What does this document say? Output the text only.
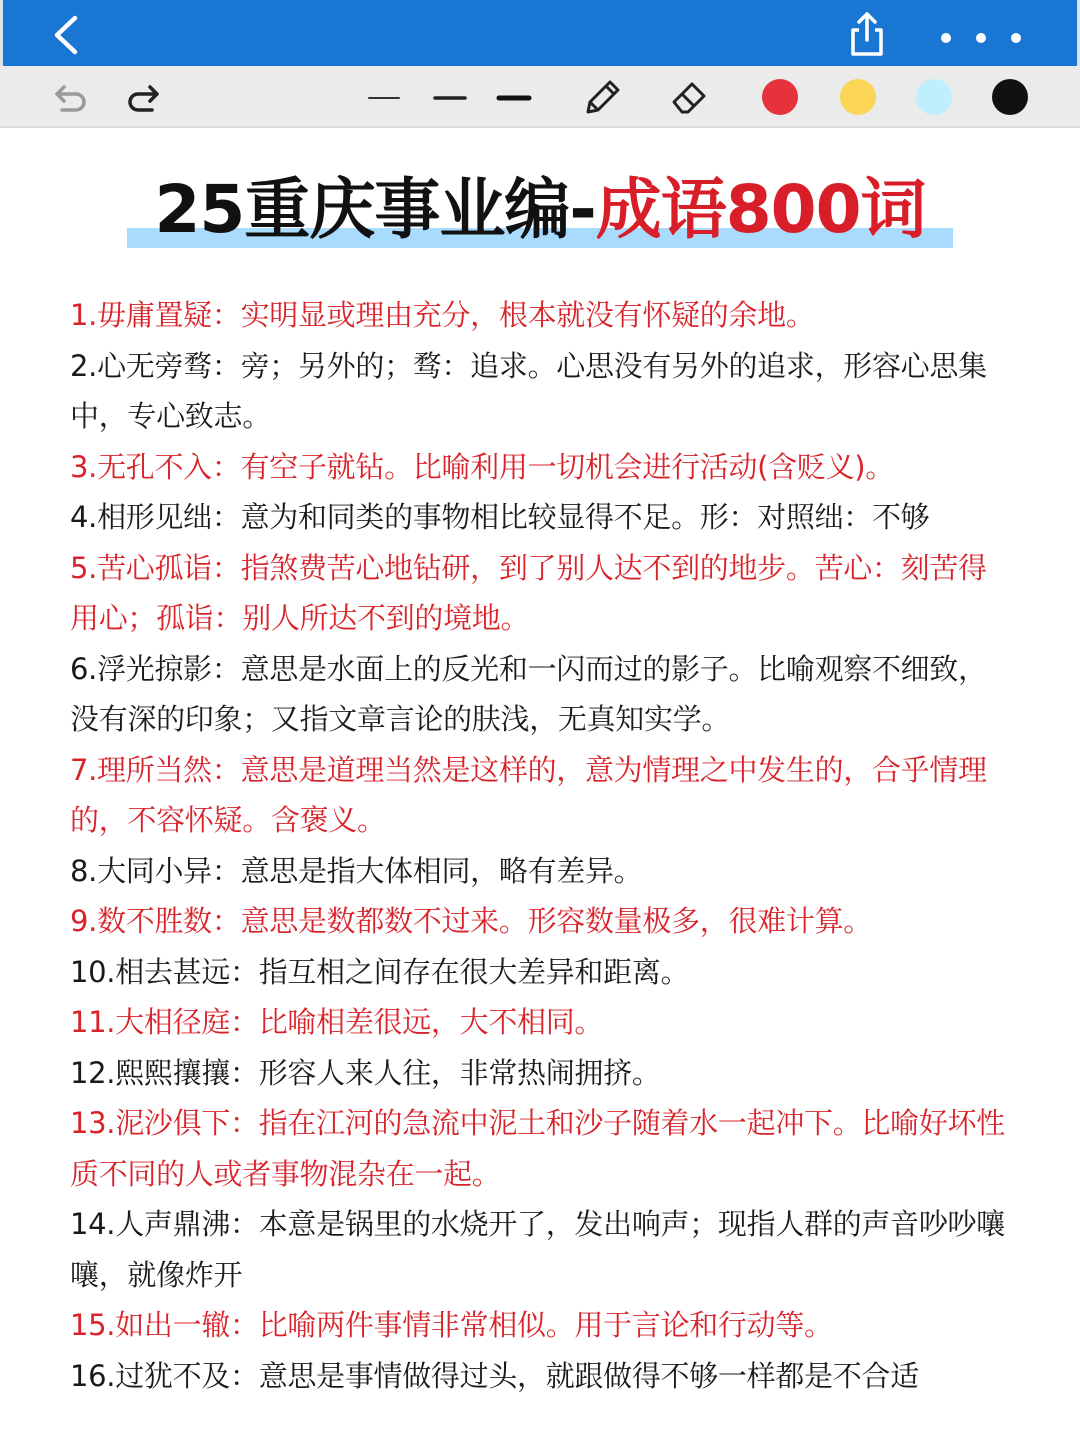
25重庆事业编-成语800词

1.毋庸置疑：实明显或理由充分，根本就没有怀疑的余地。

2.心无旁骛：旁；另外的；骛：追求。心思没有另外的追求，形容心思集中，专心致志。

3.无孔不入：有空子就钻。比喻利用一切机会进行活动(含贬义)。

4.相形见绌：意为和同类的事物相比较显得不足。形：对照绌：不够

5.苦心孤诣：指煞费苦心地钻研，到了别人达不到的地步。苦心：刻苦得用心；孤诣：别人所达不到的境地。

6.浮光掠影：意思是水面上的反光和一闪而过的影子。比喻观察不细致，没有深的印象；又指文章言论的肤浅，无真知实学。

7.理所当然：意思是道理当然是这样的，意为情理之中发生的，合乎情理的，不容怀疑。含褒义。

8.大同小异：意思是指大体相同，略有差异。

9.数不胜数：意思是数都数不过来。形容数量极多，很难计算。

10.相去甚远：指互相之间存在很大差异和距离。

11.大相径庭：比喻相差很远，大不相同。

12.熙熙攘攘：形容人来人往，非常热闹拥挤。

13.泥沙俱下：指在江河的急流中泥土和沙子随着水一起冲下。比喻好坏性质不同的人或者事物混杂在一起。

14.人声鼎沸：本意是锅里的水烧开了，发出响声；现指人群的声音吵吵嚷嚷，就像炸开

15.如出一辙：比喻两件事情非常相似。用于言论和行动等。

16.过犹不及：意思是事情做得过头，就跟做得不够一样都是不合适
